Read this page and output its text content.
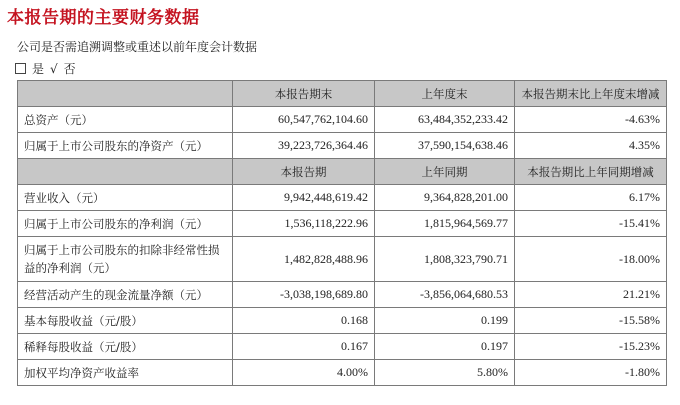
本报告期的主要财务数据
公司是否需追溯调整或重述以前年度会计数据
是 √ 否
	本报告期末	上年度末	本报告期末比上年度末增减
总资产（元）	60,547,762,104.60	63,484,352,233.42	-4.63%
归属于上市公司股东的净资产（元）	39,223,726,364.46	37,590,154,638.46	4.35%
	本报告期	上年同期	本报告期比上年同期增减
营业收入（元）	9,942,448,619.42	9,364,828,201.00	6.17%
归属于上市公司股东的净利润（元）	1,536,118,222.96	1,815,964,569.77	-15.41%
归属于上市公司股东的扣除非经常性损益的净利润（元）	1,482,828,488.96	1,808,323,790.71	-18.00%
经营活动产生的现金流量净额（元）	-3,038,198,689.80	-3,856,064,680.53	21.21%
基本每股收益（元/股）	0.168	0.199	-15.58%
稀释每股收益（元/股）	0.167	0.197	-15.23%
加权平均净资产收益率	4.00%	5.80%	-1.80%
